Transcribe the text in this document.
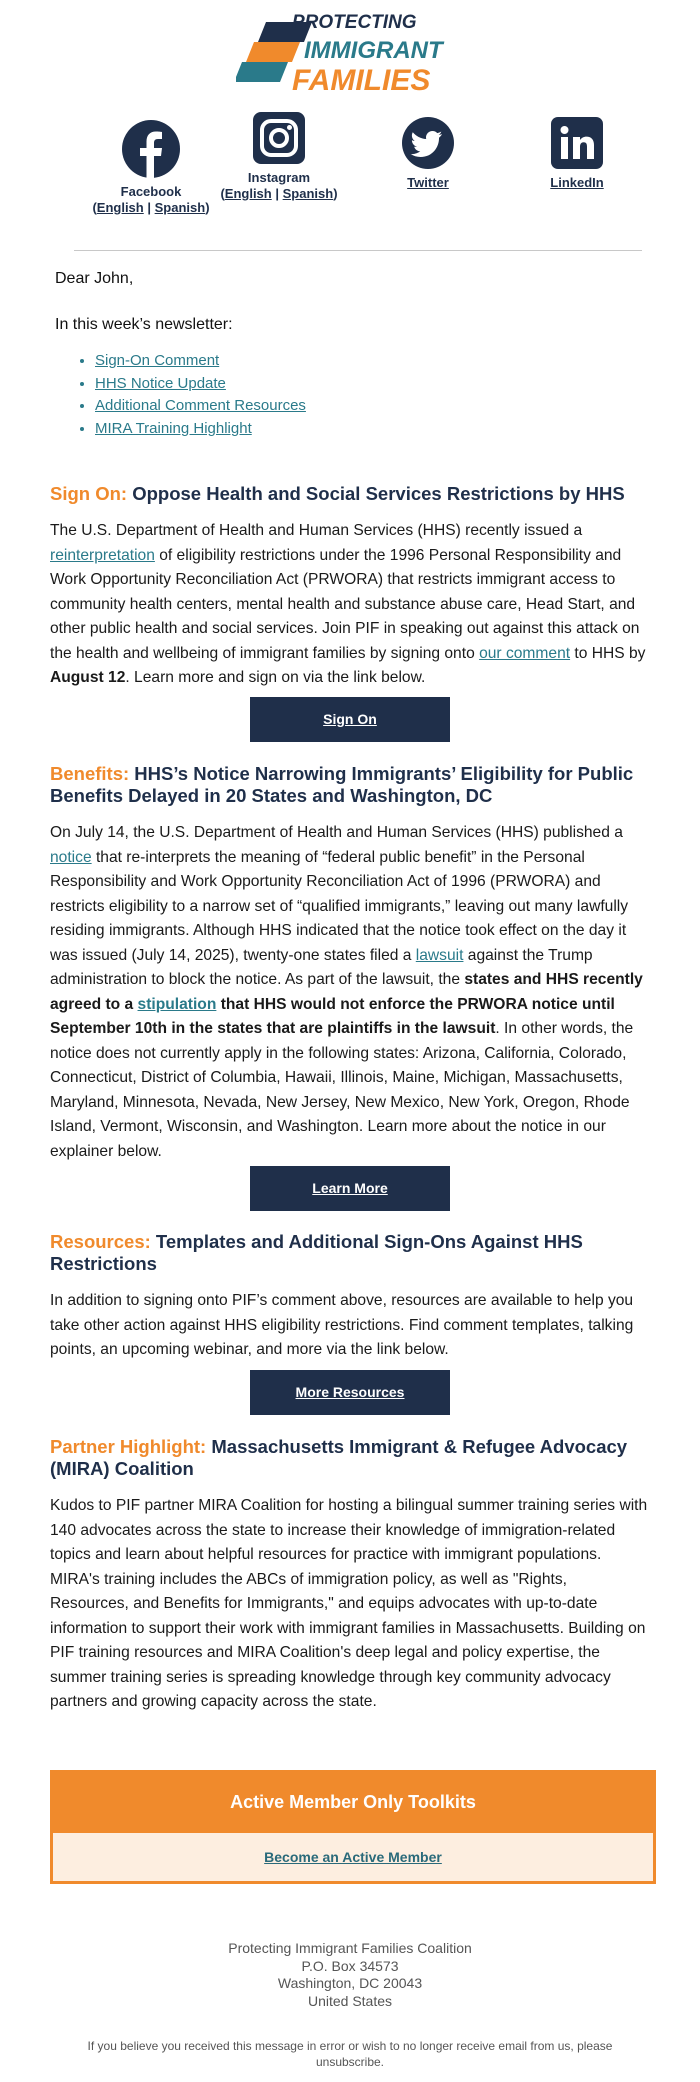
PROTECTING
IMMIGRANT
FAMILIES
Facebook
(English | Spanish)
Instagram
(English | Spanish)
Twitter	LinkedIn
Dear John,
In this week’s newsletter:
• Sign-On Comment
• HHS Notice Update
• Additional Comment Resources
• MIRA Training Highlight
Sign On: Oppose Health and Social Services Restrictions by HHS

The U.S. Department of Health and Human Services (HHS) recently issued a reinterpretation of eligibility restrictions under the 1996 Personal Responsibility and Work Opportunity Reconciliation Act (PRWORA) that restricts immigrant access to community health centers, mental health and substance abuse care, Head Start, and other public health and social services. Join PIF in speaking out against this attack on the health and wellbeing of immigrant families by signing onto our comment to HHS by August 12. Learn more and sign on via the link below.

Sign On
Benefits: HHS’s Notice Narrowing Immigrants’ Eligibility for Public Benefits Delayed in 20 States and Washington, DC

On July 14, the U.S. Department of Health and Human Services (HHS) published a notice that re-interprets the meaning of “federal public benefit” in the Personal Responsibility and Work Opportunity Reconciliation Act of 1996 (PRWORA) and restricts eligibility to a narrow set of “qualified immigrants,” leaving out many lawfully residing immigrants. Although HHS indicated that the notice took effect on the day it was issued (July 14, 2025), twenty-one states filed a lawsuit against the Trump administration to block the notice. As part of the lawsuit, the states and HHS recently agreed to a stipulation that HHS would not enforce the PRWORA notice until September 10th in the states that are plaintiffs in the lawsuit. In other words, the notice does not currently apply in the following states: Arizona, California, Colorado, Connecticut, District of Columbia, Hawaii, Illinois, Maine, Michigan, Massachusetts, Maryland, Minnesota, Nevada, New Jersey, New Mexico, New York, Oregon, Rhode Island, Vermont, Wisconsin, and Washington. Learn more about the notice in our explainer below.

Learn More
Resources: Templates and Additional Sign-Ons Against HHS Restrictions

In addition to signing onto PIF’s comment above, resources are available to help you take other action against HHS eligibility restrictions. Find comment templates, talking points, an upcoming webinar, and more via the link below.

More Resources
Partner Highlight: Massachusetts Immigrant & Refugee Advocacy (MIRA) Coalition

Kudos to PIF partner MIRA Coalition for hosting a bilingual summer training series with 140 advocates across the state to increase their knowledge of immigration-related topics and learn about helpful resources for practice with immigrant populations. MIRA's training includes the ABCs of immigration policy, as well as "Rights, Resources, and Benefits for Immigrants," and equips advocates with up-to-date information to support their work with immigrant families in Massachusetts. Building on PIF training resources and MIRA Coalition's deep legal and policy expertise, the summer training series is spreading knowledge through key community advocacy partners and growing capacity across the state.

Active Member Only Toolkits
Become an Active Member
Protecting Immigrant Families Coalition
P.O. Box 34573
Washington, DC 20043
United States
If you believe you received this message in error or wish to no longer receive email from us, please unsubscribe.
